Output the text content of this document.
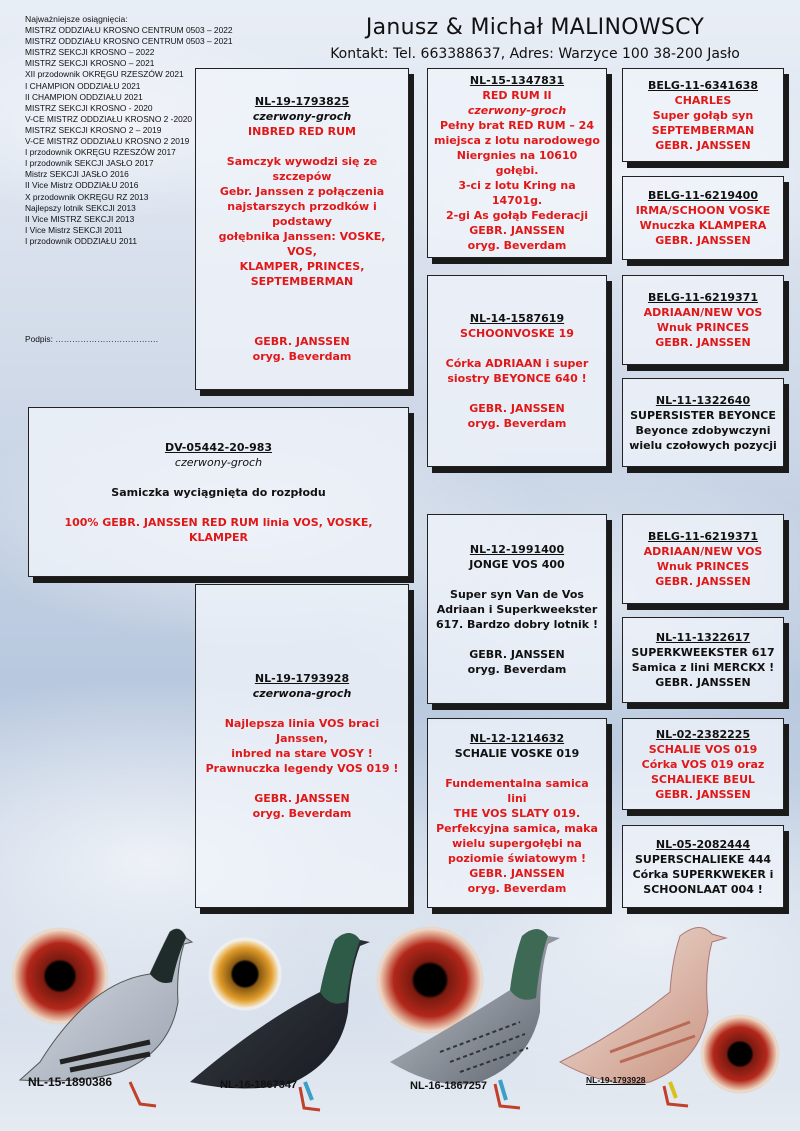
Najważniejsze osiągnięcia:
MISTRZ ODDZIAŁU KROSNO CENTRUM 0503 – 2022
MISTRZ ODDZIAŁU KROSNO CENTRUM 0503 – 2021
MISTRZ SEKCJI KROSNO – 2022
MISTRZ SEKCJI KROSNO – 2021
XII przodownik OKRĘGU RZESZÓW 2021
I CHAMPION ODDZIAŁU 2021
II CHAMPION ODDZIAŁU 2021
MISTRZ SEKCJI KROSNO - 2020
V-CE MISTRZ ODDZIAŁU KROSNO 2 -2020
MISTRZ SEKCJI KROSNO 2 – 2019
V-CE MISTRZ ODDZIAŁU KROSNO 2 2019
I przodownik OKRĘGU RZESZÓW 2017
I przodownik SEKCJI JASŁO 2017
Mistrz SEKCJI JASŁO 2016
II Vice Mistrz ODDZIAŁU 2016
X przodownik OKRĘGU RZ 2013
Najlepszy lotnik SEKCJI 2013
II Vice MISTRZ SEKCJI 2013
I Vice Mistrz SEKCJI 2011
I przodownik ODDZIAŁU 2011
Podpis: ……………………………….
Janusz & Michał MALINOWSCY
Kontakt: Tel. 663388637, Adres: Warzyce 100 38-200 Jasło
NL-19-1793825
czerwony-groch
INBRED RED RUM
Samczyk wywodzi się ze szczepów
Gebr. Janssen z połączenia
najstarszych przodków i podstawy
gołębnika Janssen: VOSKE, VOS,
KLAMPER, PRINCES,
SEPTEMBERMAN
GEBR. JANSSEN
oryg. Beverdam
NL-15-1347831
RED RUM II
czerwony-groch
Pełny brat RED RUM – 24
miejsca z lotu narodowego
Niergnies na 10610 gołębi.
3-ci z lotu Kring na 14701g.
2-gi As gołąb Federacji
GEBR. JANSSEN
oryg. Beverdam
BELG-11-6341638
CHARLES
Super gołąb syn
SEPTEMBERMAN
GEBR. JANSSEN
BELG-11-6219400
IRMA/SCHOON VOSKE
Wnuczka KLAMPERA
GEBR. JANSSEN
NL-14-1587619
SCHOONVOSKE 19
Córka ADRIAAN i super
siostry BEYONCE 640 !
GEBR. JANSSEN
oryg. Beverdam
BELG-11-6219371
ADRIAAN/NEW VOS
Wnuk PRINCES
GEBR. JANSSEN
NL-11-1322640
SUPERSISTER BEYONCE
Beyonce zdobywczyni
wielu czołowych pozycji
DV-05442-20-983
czerwony-groch
Samiczka wyciągnięta do rozpłodu
100% GEBR. JANSSEN RED RUM linia VOS, VOSKE, KLAMPER
NL-12-1991400
JONGE VOS 400
Super syn Van de Vos
Adriaan i Superkweekster
617. Bardzo dobry lotnik !
GEBR. JANSSEN
oryg. Beverdam
BELG-11-6219371
ADRIAAN/NEW VOS
Wnuk PRINCES
GEBR. JANSSEN
NL-11-1322617
SUPERKWEEKSTER 617
Samica z lini MERCKX !
GEBR. JANSSEN
NL-19-1793928
czerwona-groch
Najlepsza linia VOS braci Janssen,
inbred na stare VOSY !
Prawnuczka legendy VOS 019 !
GEBR. JANSSEN
oryg. Beverdam
NL-12-1214632
SCHALIE VOSKE 019
Fundementalna samica lini
THE VOS SLATY 019.
Perfekcyjna samica, maka
wielu supergołębi na
poziomie światowym !
GEBR. JANSSEN
oryg. Beverdam
NL-02-2382225
SCHALIE VOS 019
Córka VOS 019 oraz
SCHALIEKE BEUL
GEBR. JANSSEN
NL-05-2082444
SUPERSCHALIEKE 444
Córka SUPERKWEKER i
SCHOONLAAT 004 !
NL-15-1890386	NL-16-1867347	NL-16-1867257	NL-19-1793928
